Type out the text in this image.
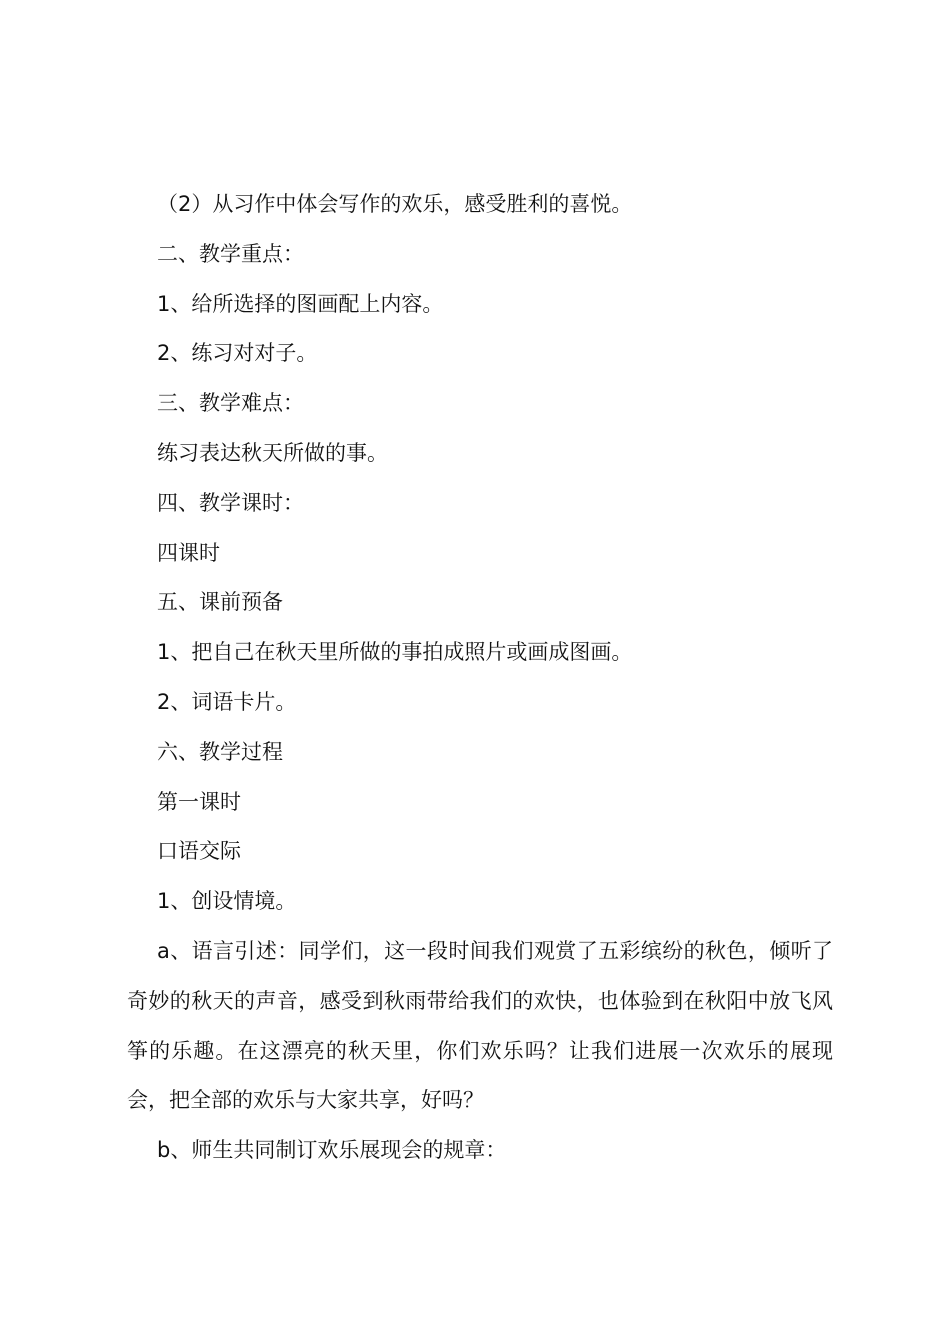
（2）从习作中体会写作的欢乐，感受胜利的喜悦。

二、教学重点：

1、给所选择的图画配上内容。

2、练习对对子。

三、教学难点：

练习表达秋天所做的事。

四、教学课时：

四课时

五、课前预备

1、把自己在秋天里所做的事拍成照片或画成图画。

2、词语卡片。

六、教学过程

第一课时

口语交际

1、创设情境。

a、语言引述：同学们，这一段时间我们观赏了五彩缤纷的秋色，倾听了奇妙的秋天的声音，感受到秋雨带给我们的欢快，也体验到在秋阳中放飞风筝的乐趣。在这漂亮的秋天里，你们欢乐吗？让我们进展一次欢乐的展现会，把全部的欢乐与大家共享，好吗？

b、师生共同制订欢乐展现会的规章：
